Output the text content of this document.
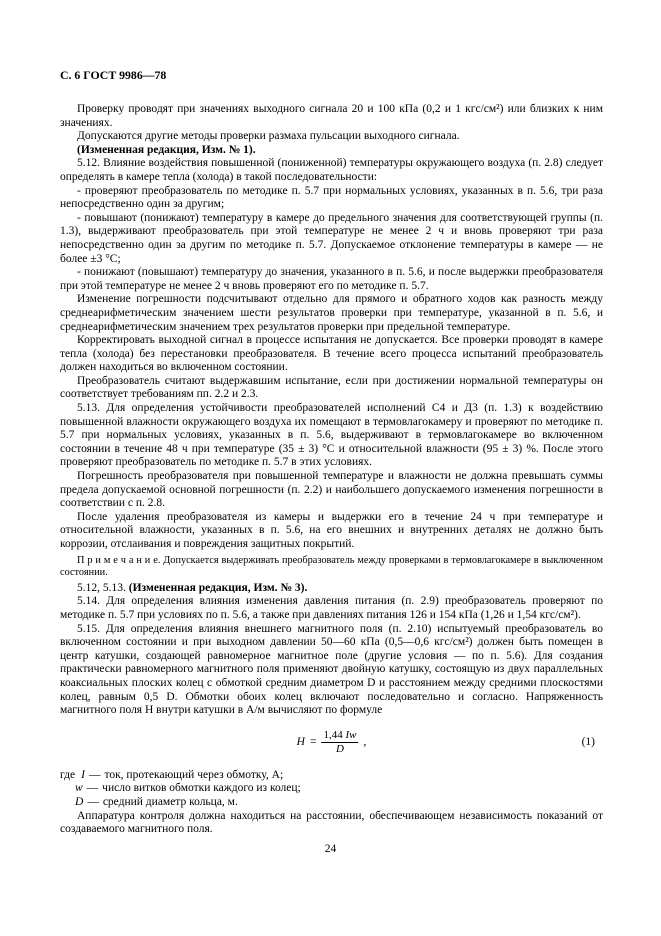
С. 6 ГОСТ 9986—78

Проверку проводят при значениях выходного сигнала 20 и 100 кПа (0,2 и 1 кгс/см²) или близких к ним значениях.

Допускаются другие методы проверки размаха пульсации выходного сигнала.

(Измененная редакция, Изм. № 1).

5.12. Влияние воздействия повышенной (пониженной) температуры окружающего воздуха (п. 2.8) следует определять в камере тепла (холода) в такой последовательности:

- проверяют преобразователь по методике п. 5.7 при нормальных условиях, указанных в п. 5.6, три раза непосредственно один за другим;

- повышают (понижают) температуру в камере до предельного значения для соответствующей группы (п. 1.3), выдерживают преобразователь при этой температуре не менее 2 ч и вновь проверяют три раза непосредственно один за другим по методике п. 5.7. Допускаемое отклонение температуры в камере — не более ±3 °С;

- понижают (повышают) температуру до значения, указанного в п. 5.6, и после выдержки преобразователя при этой температуре не менее 2 ч вновь проверяют его по методике п. 5.7.

Изменение погрешности подсчитывают отдельно для прямого и обратного ходов как разность между среднеарифметическим значением шести результатов проверки при температуре, указанной в п. 5.6, и среднеарифметическим значением трех результатов проверки при предельной температуре.

Корректировать выходной сигнал в процессе испытания не допускается. Все проверки проводят в камере тепла (холода) без перестановки преобразователя. В течение всего процесса испытаний преобразователь должен находиться во включенном состоянии.

Преобразователь считают выдержавшим испытание, если при достижении нормальной температуры он соответствует требованиям пп. 2.2 и 2.3.

5.13. Для определения устойчивости преобразователей исполнений С4 и Д3 (п. 1.3) к воздействию повышенной влажности окружающего воздуха их помещают в термовлагокамеру и проверяют по методике п. 5.7 при нормальных условиях, указанных в п. 5.6, выдерживают в термовлагокамере во включенном состоянии в течение 48 ч при температуре (35 ± 3) °С и относительной влажности (95 ± 3) %. После этого проверяют преобразователь по методике п. 5.7 в этих условиях.

Погрешность преобразователя при повышенной температуре и влажности не должна превышать суммы предела допускаемой основной погрешности (п. 2.2) и наибольшего допускаемого изменения погрешности в соответствии с п. 2.8.

После удаления преобразователя из камеры и выдержки его в течение 24 ч при температуре и относительной влажности, указанных в п. 5.6, на его внешних и внутренних деталях не должно быть коррозии, отслаивания и повреждения защитных покрытий.

П р и м е ч а н и е. Допускается выдерживать преобразователь между проверками в термовлагокамере в выключенном состоянии.

5.12, 5.13. (Измененная редакция, Изм. № 3).

5.14. Для определения влияния изменения давления питания (п. 2.9) преобразователь проверяют по методике п. 5.7 при условиях по п. 5.6, а также при давлениях питания 126 и 154 кПа (1,26 и 1,54 кгс/см²).

5.15. Для определения влияния внешнего магнитного поля (п. 2.10) испытуемый преобразователь во включенном состоянии и при выходном давлении 50—60 кПа (0,5—0,6 кгс/см²) должен быть помещен в центр катушки, создающей равномерное магнитное поле (другие условия — по п. 5.6). Для создания практически равномерного магнитного поля применяют двойную катушку, состоящую из двух параллельных коаксиальных плоских колец с обмоткой средним диаметром D и расстоянием между средними плоскостями колец, равным 0,5 D. Обмотки обоих колец включают последовательно и согласно. Напряженность магнитного поля H внутри катушки в А/м вычисляют по формуле

$H = \frac{1,44 Iw}{D}$ ,	(1)
где I — ток, протекающий через обмотку, А;
w — число витков обмотки каждого из колец;
D — средний диаметр кольца, м.

Аппаратура контроля должна находиться на расстоянии, обеспечивающем независимость показаний от создаваемого магнитного поля.

24
